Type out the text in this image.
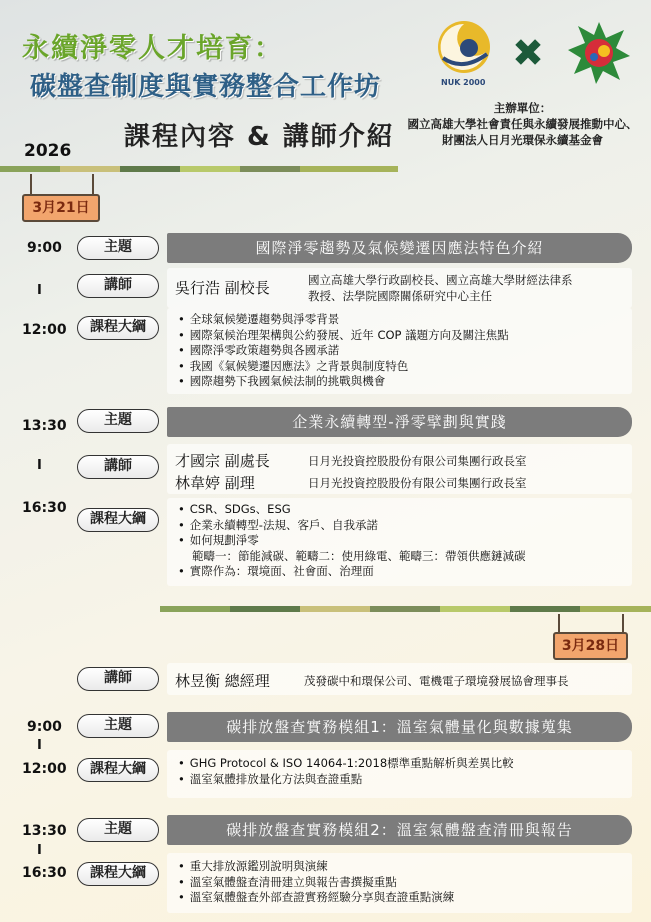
永續淨零人才培育：
碳盤查制度與實務整合工作坊
課程內容 & 講師介紹
2026
NUK 2000
主辦單位：
國立高雄大學社會責任與永續發展推動中心、
財團法人日月光環保永續基金會
3月21日
9:00
I
12:00
主題	國際淨零趨勢及氣候變遷因應法特色介紹
講師	吳行浩 副校長	國立高雄大學行政副校長、國立高雄大學財經法律系
教授、法學院國際關係研究中心主任
課程大綱	• 全球氣候變遷趨勢與淨零背景
• 國際氣候治理架構與公約發展、近年 COP 議題方向及關注焦點
• 國際淨零政策趨勢與各國承諾
• 我國《氣候變遷因應法》之背景與制度特色
• 國際趨勢下我國氣候法制的挑戰與機會
13:30
I
16:30
主題	企業永續轉型-淨零擘劃與實踐
講師	才國宗 副處長	日月光投資控股股份有限公司集團行政長室
林韋婷 副理	日月光投資控股股份有限公司集團行政長室
課程大綱
• CSR、SDGs、ESG
• 企業永續轉型-法規、客戶、自我承諾
• 如何規劃淨零
範疇一：節能減碳、範疇二：使用綠電、範疇三：帶領供應鏈減碳
• 實際作為：環境面、社會面、治理面
3月28日
講師	林昱衡 總經理	茂發碳中和環保公司、電機電子環境發展協會理事長
9:00
I
12:00
主題	碳排放盤查實務模組1：溫室氣體量化與數據蒐集
課程大綱	• GHG Protocol & ISO 14064-1:2018標準重點解析與差異比較
• 溫室氣體排放量化方法與查證重點
13:30
I
16:30
主題	碳排放盤查實務模組2：溫室氣體盤查清冊與報告
課程大綱	• 重大排放源鑑別說明與演練
• 溫室氣體盤查清冊建立與報告書撰擬重點
• 溫室氣體盤查外部查證實務經驗分享與查證重點演練
